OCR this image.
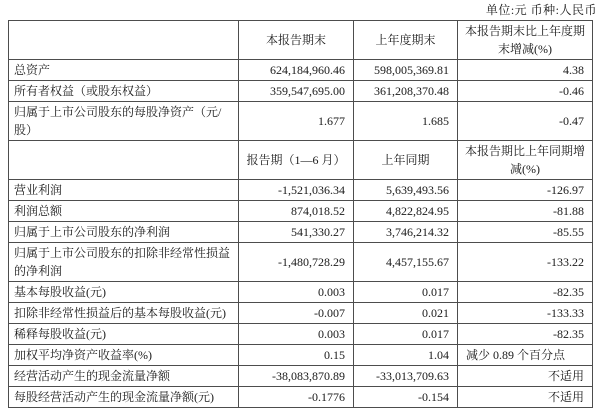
单位:元 币种:人民币
	本报告期末	上年度期末	本报告期末比上年度期末增减(%)
总资产	624,184,960.46	598,005,369.81	4.38
所有者权益（或股东权益）	359,547,695.00	361,208,370.48	-0.46
归属于上市公司股东的每股净资产（元/股）	1.677	1.685	-0.47
	报告期（1—6 月）	上年同期	本报告期比上年同期增减(%)
营业利润	-1,521,036.34	5,639,493.56	-126.97
利润总额	874,018.52	4,822,824.95	-81.88
归属于上市公司股东的净利润	541,330.27	3,746,214.32	-85.55
归属于上市公司股东的扣除非经常性损益的净利润	-1,480,728.29	4,457,155.67	-133.22
基本每股收益(元)	0.003	0.017	-82.35
扣除非经常性损益后的基本每股收益(元)	-0.007	0.021	-133.33
稀释每股收益(元)	0.003	0.017	-82.35
加权平均净资产收益率(%)	0.15	1.04	减少 0.89 个百分点
经营活动产生的现金流量净额	-38,083,870.89	-33,013,709.63	不适用
每股经营活动产生的现金流量净额(元)	-0.1776	-0.154	不适用
